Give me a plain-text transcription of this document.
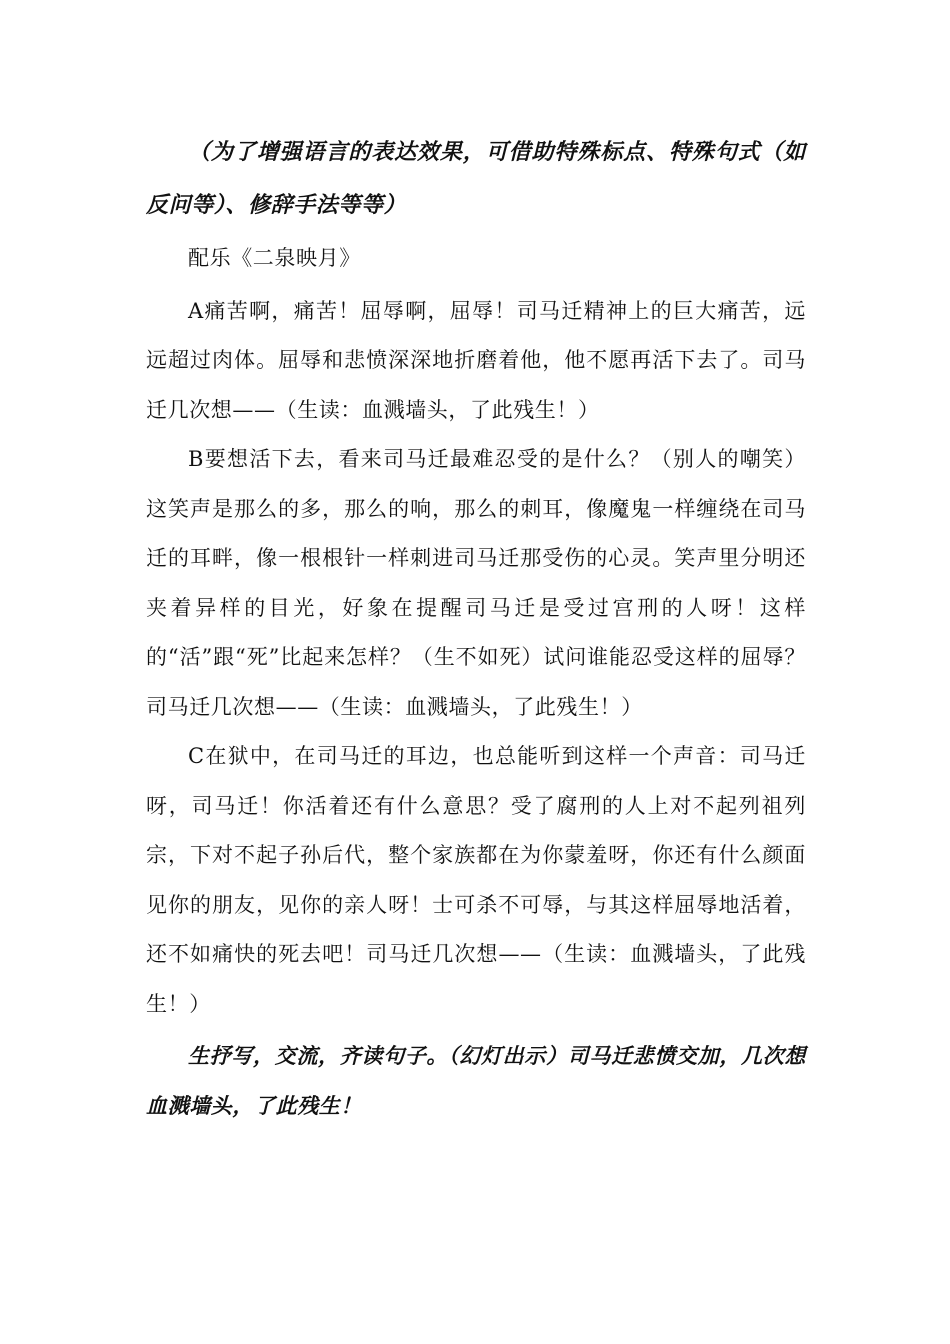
（为了增强语言的表达效果，可借助特殊标点、特殊句式（如反问等）、修辞手法等等）

配乐《二泉映月》

A痛苦啊，痛苦！屈辱啊，屈辱！司马迁精神上的巨大痛苦，远远超过肉体。屈辱和悲愤深深地折磨着他，他不愿再活下去了。司马迁几次想——（生读：血溅墙头，了此残生！）

B要想活下去，看来司马迁最难忍受的是什么？（别人的嘲笑）这笑声是那么的多，那么的响，那么的刺耳，像魔鬼一样缠绕在司马迁的耳畔，像一根根针一样刺进司马迁那受伤的心灵。笑声里分明还夹着异样的目光，好象在提醒司马迁是受过宫刑的人呀！这样的“活”跟“死”比起来怎样？（生不如死）试问谁能忍受这样的屈辱？司马迁几次想——（生读：血溅墙头，了此残生！）

C在狱中，在司马迁的耳边，也总能听到这样一个声音：司马迁呀，司马迁！你活着还有什么意思？受了腐刑的人上对不起列祖列宗，下对不起子孙后代，整个家族都在为你蒙羞呀，你还有什么颜面见你的朋友，见你的亲人呀！士可杀不可辱，与其这样屈辱地活着，还不如痛快的死去吧！司马迁几次想——（生读：血溅墙头，了此残生！）

生抒写，交流，齐读句子。（幻灯出示）司马迁悲愤交加，几次想血溅墙头，了此残生！
